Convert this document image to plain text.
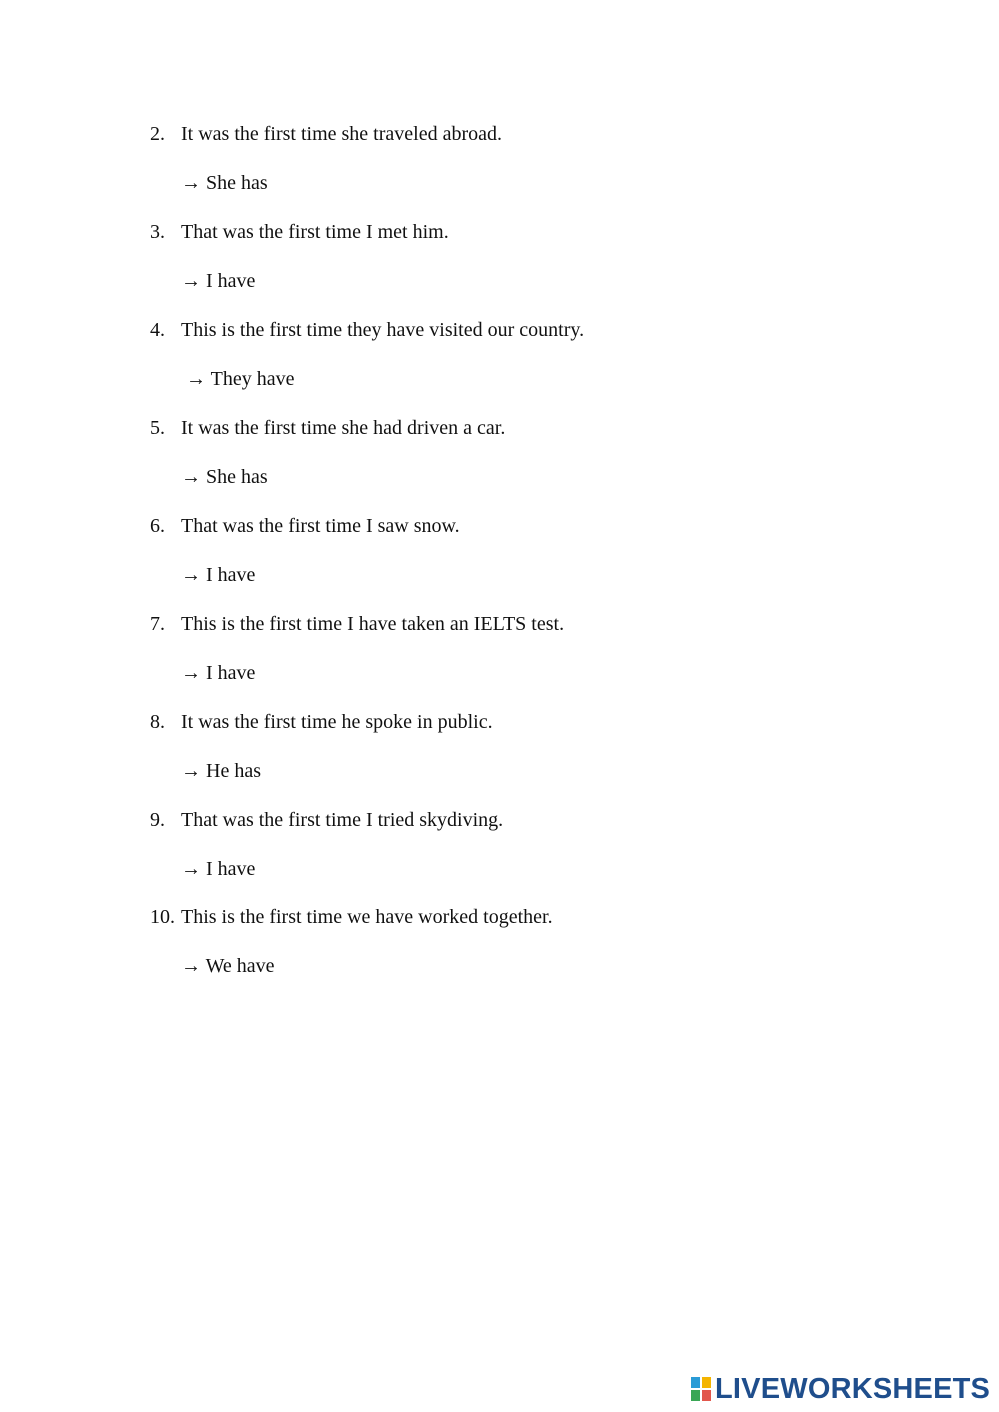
2. It was the first time she traveled abroad.
→ She has
3. That was the first time I met him.
→ I have
4. This is the first time they have visited our country.
→ They have
5. It was the first time she had driven a car.
→ She has
6. That was the first time I saw snow.
→ I have
7. This is the first time I have taken an IELTS test.
→ I have
8. It was the first time he spoke in public.
→ He has
9. That was the first time I tried skydiving.
→ I have
10. This is the first time we have worked together.
→ We have
LIVEWORKSHEETS
